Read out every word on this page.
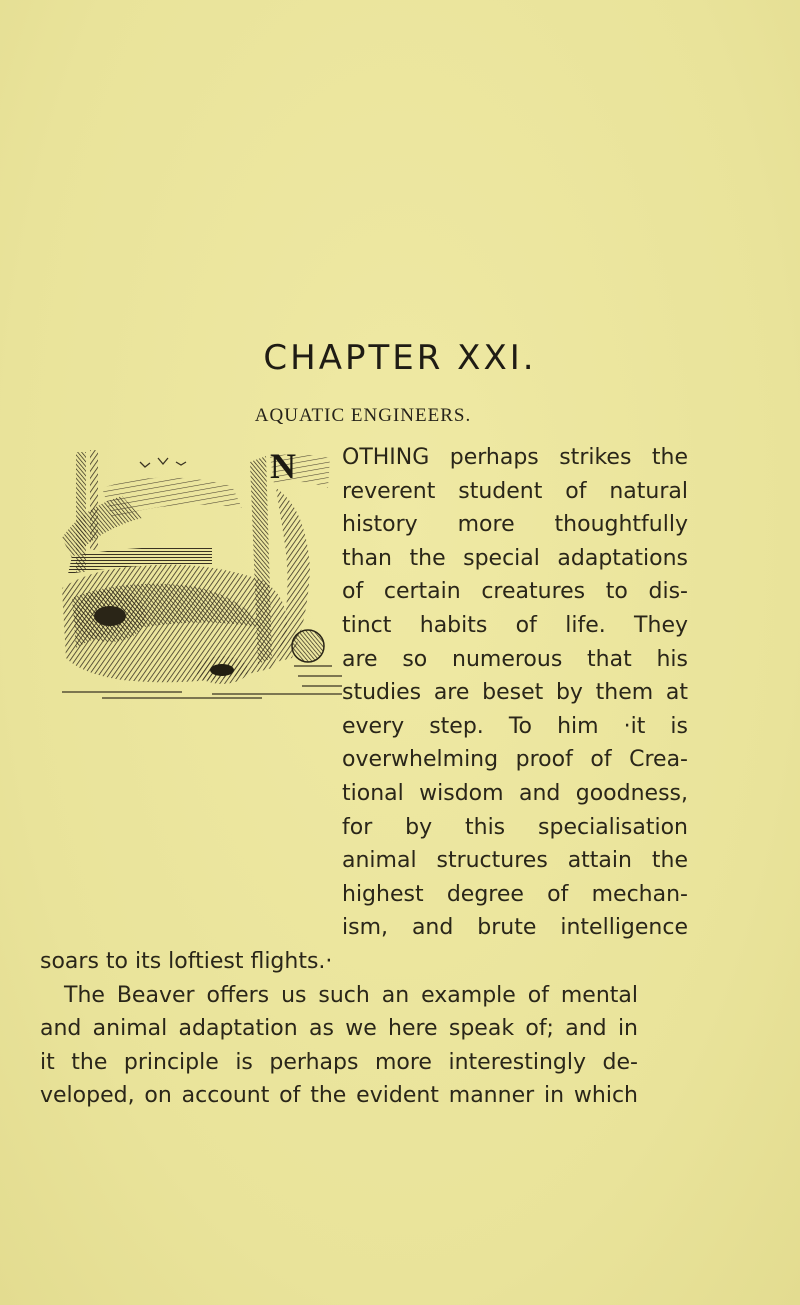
CHAPTER XXI.
AQUATIC ENGINEERS.
N	OTHING perhaps strikes the
reverent student of natural
history more thoughtfully
than the special adaptations
of certain creatures to dis-
tinct habits of life. They
are so numerous that his
studies are beset by them at
every step. To him ·it is
overwhelming proof of Crea-
tional wisdom and goodness,
for by this specialisation
animal structures attain the
highest degree of mechan-
ism, and brute intelligence
soars to its loftiest flights.·
The Beaver offers us such an example of mental
and animal adaptation as we here speak of; and in
it the principle is perhaps more interestingly de-
veloped, on account of the evident manner in which
